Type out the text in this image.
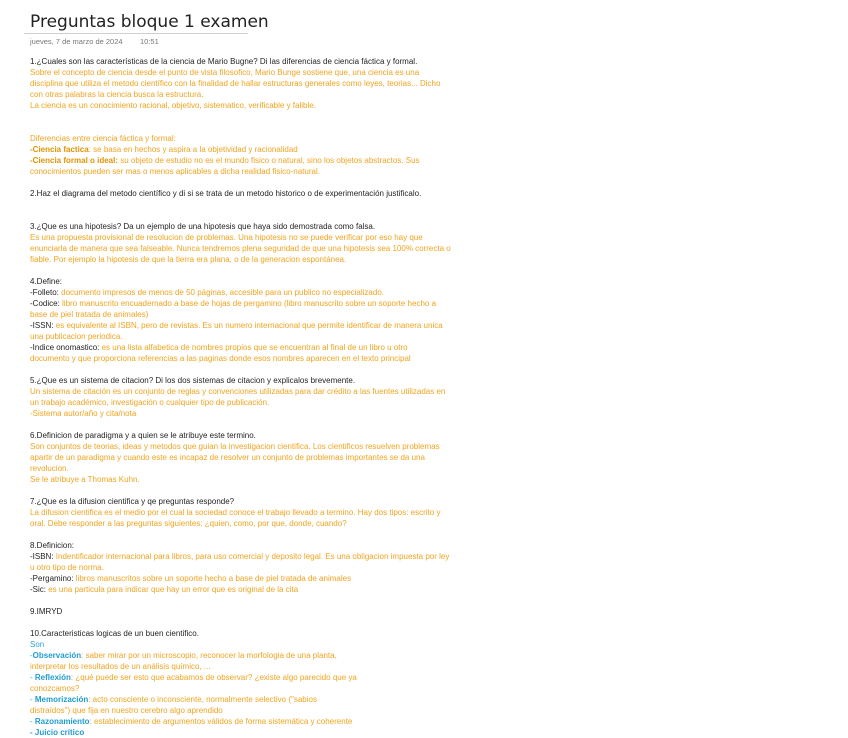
Preguntas bloque 1 examen
jueves, 7 de marzo de 2024 10:51
1.¿Cuales son las características de la ciencia de Mario Bugne? Di las diferencias de ciencia fáctica y formal.
Sobre el concepto de ciencia desde el punto de vista filosofico, Mario Bunge sostiene que, una ciencia es una
disciplina que utiliza el metodo científico con la finalidad de hallar estructuras generales como leyes, teorias... Dicho
con otras palabras la ciencia busca la estructura.
La ciencia es un conocimiento racional, objetivo, sistematico, verificable y falible.
Diferencias entre ciencia fáctica y formal:
-Ciencia factica: se basa en hechos y aspira a la objetividad y racionalidad
-Ciencia formal o ideal: su objeto de estudio no es el mundo fisico o natural, sino los objetos abstractos. Sus
conocimientos pueden ser mas o menos aplicables a dicha realidad fisico-natural.
2.Haz el diagrama del metodo científico y di si se trata de un metodo historico o de experimentación justificalo.
3.¿Que es una hipotesis? Da un ejemplo de una hipotesis que haya sido demostrada como falsa.
Es una propuesta provisional de resolucion de problemas. Una hipotesis no se puede verificar por eso hay que
enunciarla de manera que sea falseable. Nunca tendremos plena seguridad de que una hipotesis sea 100% correcta o
fiable. Por ejemplo la hipotesis de que la tierra era plana, o de la generacion espontánea.
4.Define:
-Folleto: documento impresos de menos de 50 páginas, accesible para un publico no especializado.
-Codice: libro manuscrito encuadernado a base de hojas de pergamino (libro manuscrito sobre un soporte hecho a
base de piel tratada de animales)
-ISSN: es equivalente al ISBN, pero de revistas. Es un numero internacional que permite identificar de manera unica
una publicacion periodica.
-Indice onomastico: es una lista alfabetica de nombres propios que se encuentran al final de un libro u otro
documento y que proporciona referencias a las paginas donde esos nombres aparecen en el texto principal
5.¿Que es un sistema de citacion? Di los dos sistemas de citacion y explicalos brevemente.
Un sistema de citación es un conjunto de reglas y convenciones utilizadas para dar crédito a las fuentes utilizadas en
un trabajo académico, investigación o cualquier tipo de publicación.
-Sistema autor/año y cita/nota
6.Definicion de paradigma y a quien se le atribuye este termino.
Son conjuntos de teorias, ideas y metodos que guian la investigacion cientifica. Los cientificos resuelven problemas
apartir de un paradigma y cuando este es incapaz de resolver un conjunto de problemas importantes se da una
revolucion.
Se le atribuye a Thomas Kuhn.
7.¿Que es la difusion cientifica y qe preguntas responde?
La difusion cientifica es el medio por el cual la sociedad conoce el trabajo llevado a termino. Hay dos tipos: escrito y
oral. Debe responder a las preguntas siguientes: ¿quien, como, por que, donde, cuando?
8.Definicion:
-ISBN: Indentificador internacional para libros, para uso comercial y deposito legal. Es una obligacion impuesta por ley
u otro tipo de norma.
-Pergamino: libros manuscritos sobre un soporte hecho a base de piel tratada de animales
-Sic: es una particula para indicar que hay un error que es original de la cita
9.IMRYD
10.Caracteristicas logicas de un buen cientifico.
Son
-Observación: saber mirar por un microscopio, reconocer la morfologia de una planta,
interpretar los resultados de un análisis químico, ...
- Reflexión: ¿qué puede ser esto que acabamos de observar? ¿existe algo parecido que ya
conozcamos?
- Memorización: acto consciente o inconsciente, normalmente selectivo ("sabios
distraídos") que fija en nuestro cerebro algo aprendido
- Razonamiento: establecimiento de argumentos válidos de forma sistemática y coherente
- Juicio crítico
